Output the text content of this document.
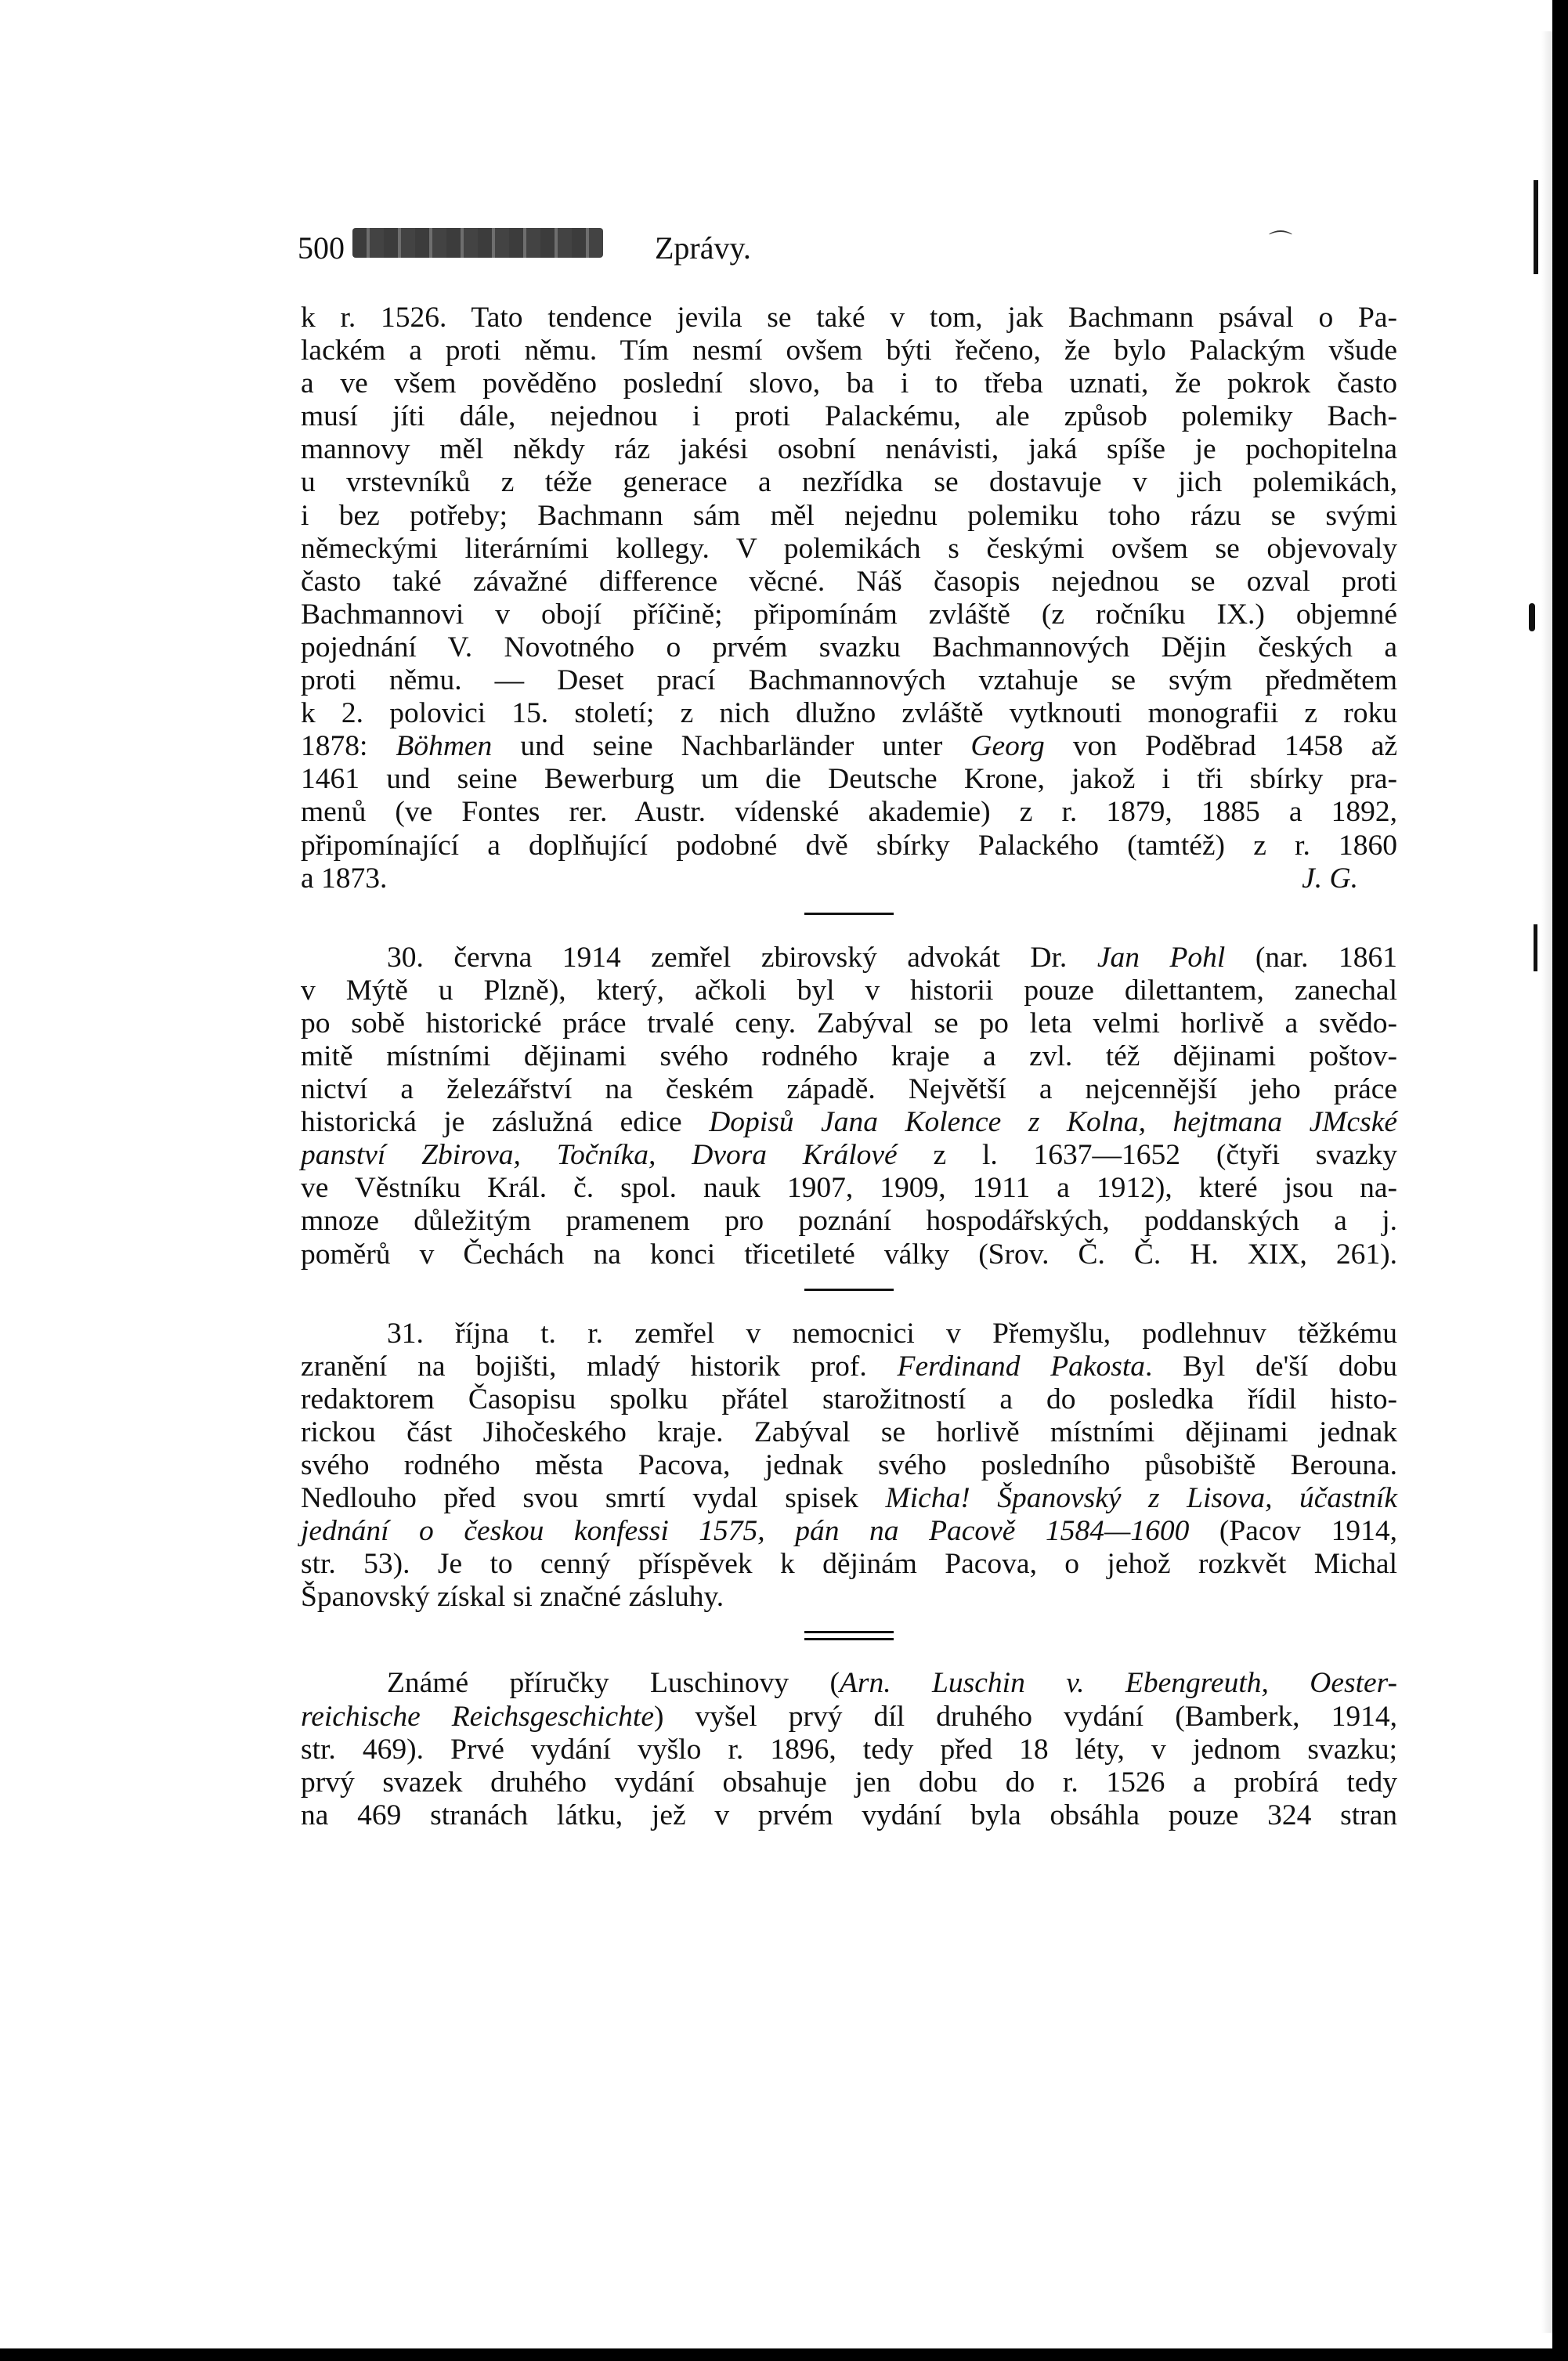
500	Zprávy.	⌒

k r. 1526. Tato tendence jevila se také v tom, jak Bachmann psával o Pa-
lackém a proti němu. Tím nesmí ovšem býti řečeno, že bylo Palackým všude
a ve všem pověděno poslední slovo, ba i to třeba uznati, že pokrok často
musí jíti dále, nejednou i proti Palackému, ale způsob polemiky Bach-
mannovy měl někdy ráz jakési osobní nenávisti, jaká spíše je pochopitelna
u vrstevníků z téže generace a nezřídka se dostavuje v jich polemikách,
i bez potřeby; Bachmann sám měl nejednu polemiku toho rázu se svými
německými literárními kollegy. V polemikách s českými ovšem se objevovaly
často také závažné difference věcné. Náš časopis nejednou se ozval proti
Bachmannovi v obojí příčině; připomínám zvláště (z ročníku IX.) objemné
pojednání V. Novotného o prvém svazku Bachmannových Dějin českých a
proti němu. — Deset prací Bachmannových vztahuje se svým předmětem
k 2. polovici 15. století; z nich dlužno zvláště vytknouti monografii z roku
1878: Böhmen und seine Nachbarländer unter Georg von Poděbrad 1458 až
1461 und seine Bewerburg um die Deutsche Krone, jakož i tři sbírky pra-
menů (ve Fontes rer. Austr. vídenské akademie) z r. 1879, 1885 a 1892,
připomínající a doplňující podobné dvě sbírky Palackého (tamtéž) z r. 1860
a 1873.	J. G.

30. června 1914 zemřel zbirovský advokát Dr. Jan Pohl (nar. 1861
v Mýtě u Plzně), který, ačkoli byl v historii pouze dilettantem, zanechal
po sobě historické práce trvalé ceny. Zabýval se po leta velmi horlivě a svědo-
mitě místními dějinami svého rodného kraje a zvl. též dějinami poštov-
nictví a železářství na českém západě. Největší a nejcennější jeho práce
historická je záslužná edice Dopisů Jana Kolence z Kolna, hejtmana JMcské
panství Zbirova, Točníka, Dvora Králové z l. 1637—1652 (čtyři svazky
ve Věstníku Král. č. spol. nauk 1907, 1909, 1911 a 1912), které jsou na-
mnoze důležitým pramenem pro poznání hospodářských, poddanských a j.
poměrů v Čechách na konci třicetileté války (Srov. Č. Č. H. XIX, 261).

31. října t. r. zemřel v nemocnici v Přemyšlu, podlehnuv těžkému
zranění na bojišti, mladý historik prof. Ferdinand Pakosta. Byl de'ší dobu
redaktorem Časopisu spolku přátel starožitností a do posledka řídil histo-
rickou část Jihočeského kraje. Zabýval se horlivě místními dějinami jednak
svého rodného města Pacova, jednak svého posledního působiště Berouna.
Nedlouho před svou smrtí vydal spisek Micha! Španovský z Lisova, účastník
jednání o českou konfessi 1575, pán na Pacově 1584—1600 (Pacov 1914,
str. 53). Je to cenný příspěvek k dějinám Pacova, o jehož rozkvět Michal
Španovský získal si značné zásluhy.

Známé příručky Luschinovy (Arn. Luschin v. Ebengreuth, Oester-
reichische Reichsgeschichte) vyšel prvý díl druhého vydání (Bamberk, 1914,
str. 469). Prvé vydání vyšlo r. 1896, tedy před 18 léty, v jednom svazku;
prvý svazek druhého vydání obsahuje jen dobu do r. 1526 a probírá tedy
na 469 stranách látku, jež v prvém vydání byla obsáhla pouze 324 stran
